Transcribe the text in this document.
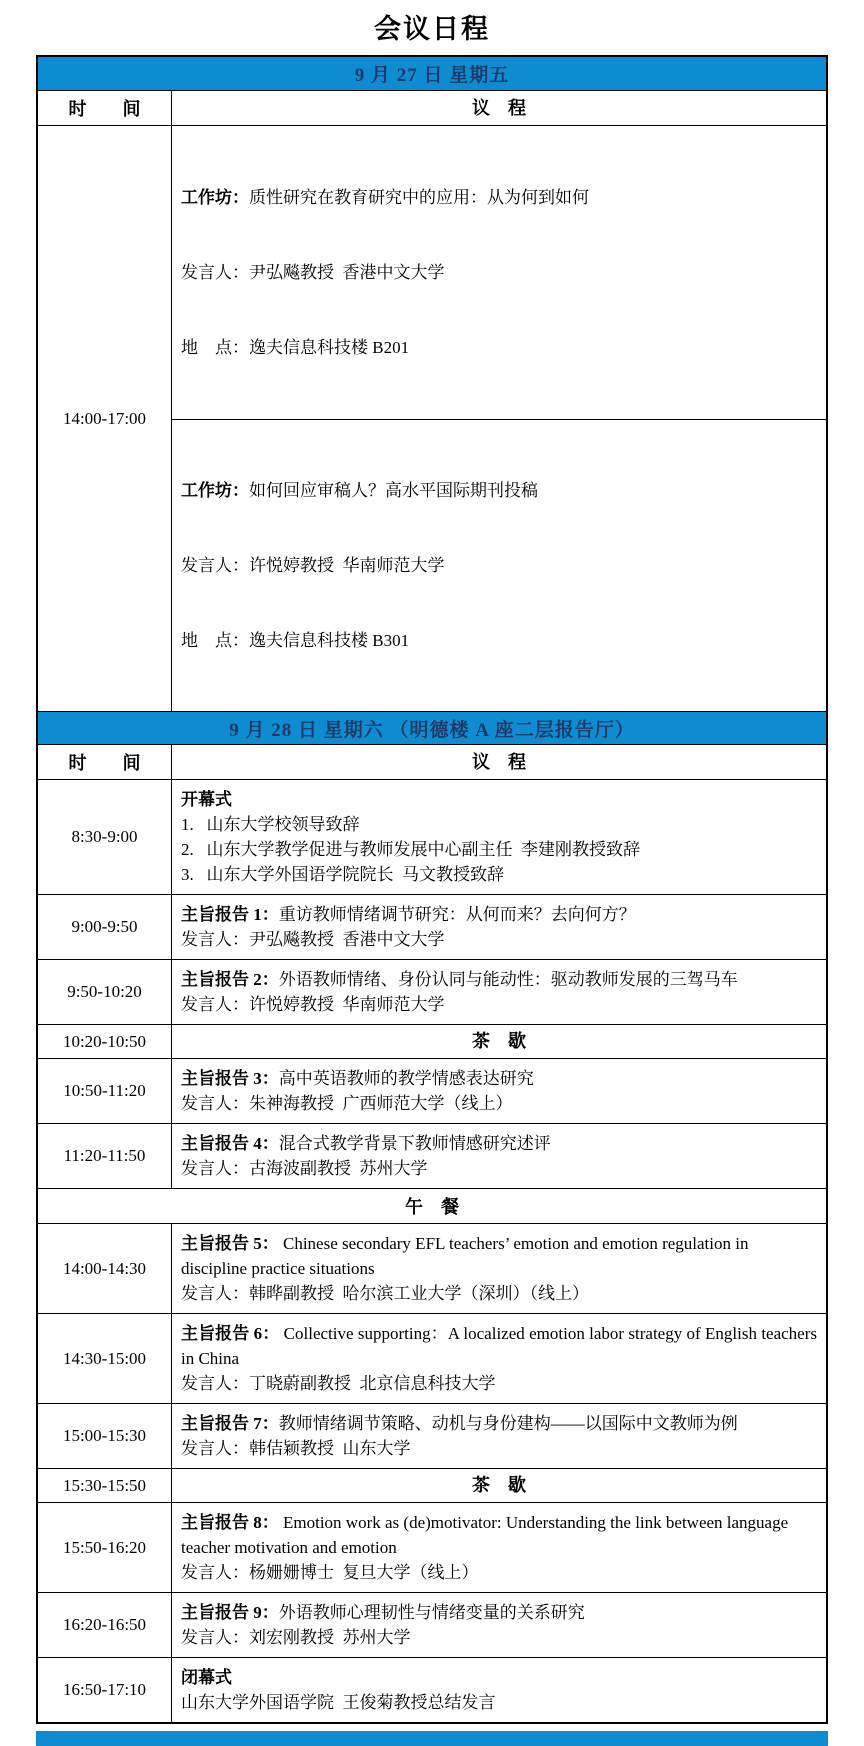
会议日程
9 月 27 日 星期五
时　　间	议　程
14:00-17:00

工作坊：质性研究在教育研究中的应用：从为何到如何

发言人：尹弘飚教授  香港中文大学

地　点：逸夫信息科技楼 B201

工作坊：如何回应审稿人？高水平国际期刊投稿

发言人：许悦婷教授  华南师范大学

地　点：逸夫信息科技楼 B301

9 月 28 日 星期六 （明德楼 A 座二层报告厅）
时　　间	议　程
8:30-9:00
开幕式
1.   山东大学校领导致辞
2.   山东大学教学促进与教师发展中心副主任  李建刚教授致辞
3.   山东大学外国语学院院长  马文教授致辞
9:00-9:50
主旨报告 1：重访教师情绪调节研究：从何而来？去向何方？
发言人：尹弘飚教授  香港中文大学
9:50-10:20
主旨报告 2：外语教师情绪、身份认同与能动性：驱动教师发展的三驾马车
发言人：许悦婷教授  华南师范大学
10:20-10:50	茶　歇
10:50-11:20
主旨报告 3：高中英语教师的教学情感表达研究
发言人：朱神海教授  广西师范大学（线上）
11:20-11:50
主旨报告 4：混合式教学背景下教师情感研究述评
发言人：古海波副教授  苏州大学
午　餐
14:00-14:30
主旨报告 5： Chinese secondary EFL teachers’ emotion and emotion regulation in discipline practice situations
发言人：韩晔副教授  哈尔滨工业大学（深圳）（线上）
14:30-15:00
主旨报告 6： Collective supporting：A localized emotion labor strategy of English teachers in China
发言人：丁晓蔚副教授  北京信息科技大学
15:00-15:30
主旨报告 7：教师情绪调节策略、动机与身份建构——以国际中文教师为例
发言人：韩佶颖教授  山东大学
15:30-15:50	茶　歇
15:50-16:20
主旨报告 8： Emotion work as (de)motivator: Understanding the link between language teacher motivation and emotion
发言人：杨姗姗博士  复旦大学（线上）
16:20-16:50
主旨报告 9：外语教师心理韧性与情绪变量的关系研究
发言人：刘宏刚教授  苏州大学
16:50-17:10
闭幕式
山东大学外国语学院  王俊菊教授总结发言
